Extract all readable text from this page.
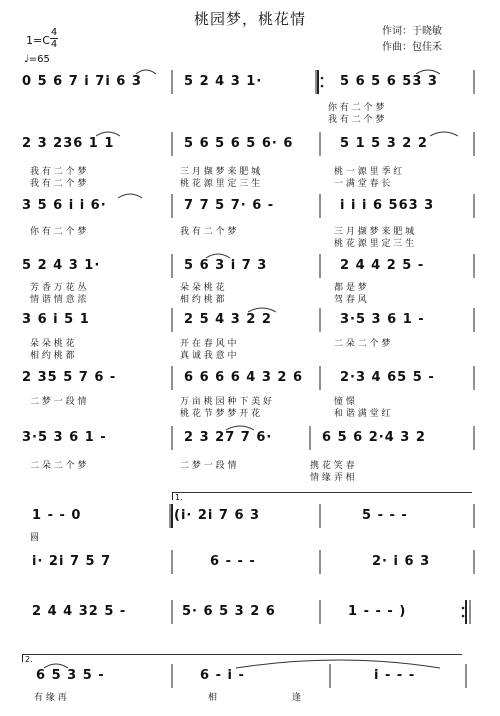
桃园梦，桃花情
作词：于晓敏
作曲：包佳禾
1=C
4
4
♩=65
0 5 6 7 i 7i 6 3	5 2 4 3 1·	5 6 5 6 53 3
你 有 二 个 梦
我 有 二 个 梦
2 3 236 1 1	5 6 5 6 5 6· 6	5 1 5 3 2 2
我 有 二 个 梦	三 月 撷 梦 来 肥 城	桃 一 源 里 季 红
我 有 二 个 梦	桃 花 源 里 定 三 生	一 满 堂 春 长
3 5 6 i i 6·	7 7 5 7· 6 -	i i i 6 563 3
你 有 二 个 梦	我 有 二 个 梦	三 月 撷 梦 来 肥 城
桃 花 源 里 定 三 生
5 2 4 3 1·	5 6 3 i 7 3	2 4 4 2 5 -
芳 香 万 花 丛	朵 朵 桃 花	都 是 梦
情 谐 情 意 浓	相 约 桃 都	驾 春 风
3 6 i 5 1	2 5 4 3 2 2	3·5 3 6 1 -
朵 朵 桃 花	开 在 春 风 中	二 朵 二 个 梦
相 约 桃 都	真 诚 我 意 中
2 35 5 7 6 -	6 6 6 6 4 3 2 6	2·3 4 65 5 -
二 梦 一 段 情	万 亩 桃 园 种 下 美 好	憧 憬
桃 花 节 梦 梦 开 花	和 谐 满 堂 红
3·5 3 6 1 -	2 3 27 7 6·	6 5 6 2·4 3 2
二 朵 二 个 梦	二 梦 一 段 情	携 花 笑 春
情 缘 弄 相
1.
1 - - 0	(i· 2i 7 6 3	5 - - -
圆
i· 2i 7 5 7	6 - - -	2· i 6 3
2 4 4 32 5 -	5· 6 5 3 2 6	1 - - - )
2.
6 5 3 5 -	6 - i -	i - - -
有 缘 再	相	逢
